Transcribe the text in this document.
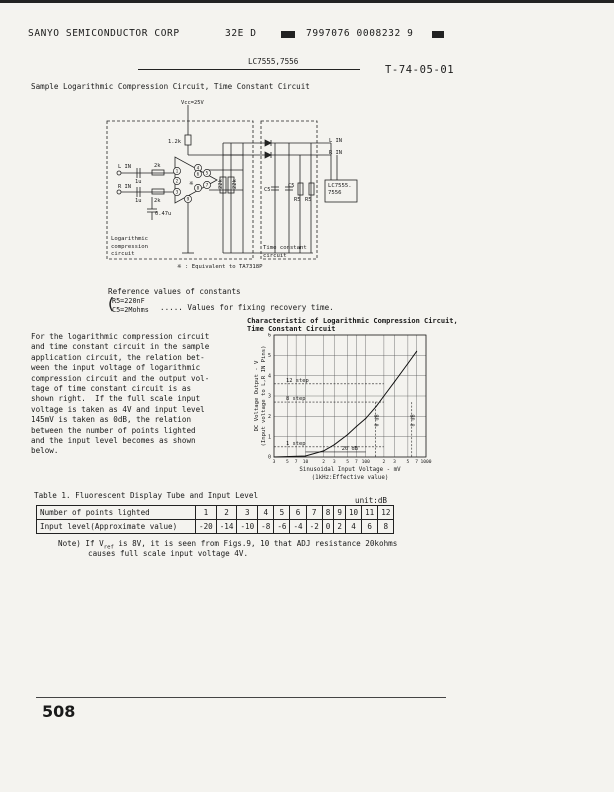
SANYO SEMICONDUCTOR CORP	32E D	7997076 0008232 9
LC7555,7556
T-74-05-01
Sample Logarithmic Compression Circuit, Time Constant Circuit
1
2
3
4
5
6
7
8
9
Vcc=25V
1.2k
L IN
R IN
2k
2k
1u
1u
0.47u
※
C5
C5
R5 R5
L IN
R IN
22k 22k	LC7555.
7556
Logarithmic
compression
circuit
Time constant
circuit
※ : Equivalent to TA7318P
Reference values of constants
(
R5=220nF
C5=2Mohms ..... Values for fixing recovery time.
For the logarithmic compression circuit
and time constant circuit in the sample
application circuit, the relation bet-
ween the input voltage of logarithmic
compression circuit and the output vol-
tage of time constant circuit is as
shown right.  If the full scale input
voltage is taken as 4V and input level
145mV is taken as 0dB, the relation
between the number of points lighted
and the input level becomes as shown
below.
Characteristic of Logarithmic Compression Circuit,
Time Constant Circuit
3 5 7 10	2 3 5 7 100	2 3 5 7 1000
0
1
2
3
4
5
6
12 step
8 step
1 step
0 dB	8 dB
20 dB
Sinusoidal Input Voltage - mV
(1kHz:Effective value)
DC Voltage Output - V (Input voltage to L,R IN Pins)
Table 1. Fluorescent Display Tube and Input Level
unit:dB
Number of points lighted	1	2	3	4	5	6	7	8	9	10	11	12
Input level(Approximate value)	-20	-14	-10	-8	-6	-4	-2	0	2	4	6	8
Note) If $V_{ref}$ is 8V, it is seen from Figs.9, 10 that ADJ resistance 20kohms
causes full scale input voltage 4V.
508
